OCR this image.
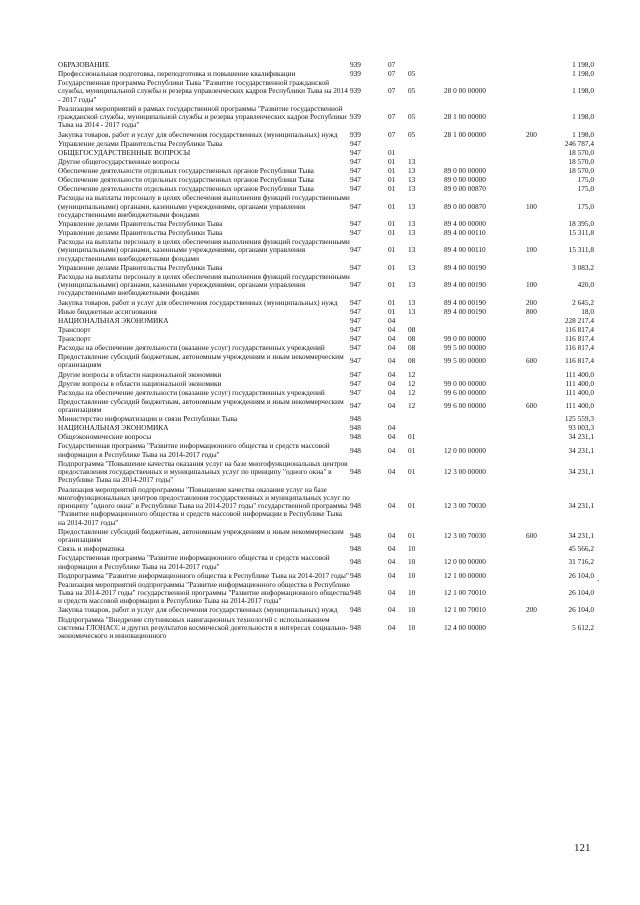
ОБРАЗОВАНИЕ	939	07				1 198,0
Профессиональная подготовка, переподготовка и повышение квалификации	939	07	05			1 198,0
Государственная программа Республики Тыва "Развитие государственной гражданской службы, муниципальной службы и резерва управленческих кадров Республики Тыва на 2014 - 2017 годы"	939	07	05	28 0 00 00000		1 198,0
Реализация мероприятий в рамках государственной программы "Развитие государственной гражданской службы, муниципальной службы и резерва управленческих кадров Республики Тыва на 2014 - 2017 годы"	939	07	05	28 1 00 00000		1 198,0
Закупка товаров, работ и услуг для обеспечения государственных (муниципальных) нужд	939	07	05	28 1 00 00000	200	1 198,0
Управление делами Правительства Республики Тыва	947					246 787,4
ОБЩЕГОСУДАРСТВЕННЫЕ ВОПРОСЫ	947	01				18 570,0
Другие общегосударственные вопросы	947	01	13			18 570,0
Обеспечение деятельности отдельных государственных органов Республики Тыва	947	01	13	89 0 00 00000		18 570,0
Обеспечение деятельности отдельных государственных органов Республики Тыва	947	01	13	89 0 00 00000		175,0
Обеспечение деятельности отдельных государственных органов Республики Тыва	947	01	13	89 0 00 00870		175,0
Расходы на выплаты персоналу в целях обеспечения выполнения функций государственными (муниципальными) органами, казенными учреждениями, органами управления государственными внебюджетными фондами	947	01	13	89 0 00 00870	100	175,0
Управление делами Правительства Республики Тыва	947	01	13	89 4 00 00000		18 395,0
Управление делами Правительства Республики Тыва	947	01	13	89 4 00 00110		15 311,8
Расходы на выплаты персоналу в целях обеспечения выполнения функций государственными (муниципальными) органами, казенными учреждениями, органами управления государственными внебюджетными фондами	947	01	13	89 4 00 00110	100	15 311,8
Управление делами Правительства Республики Тыва	947	01	13	89 4 00 00190		3 083,2
Расходы на выплаты персоналу в целях обеспечения выполнения функций государственными (муниципальными) органами, казенными учреждениями, органами управления государственными внебюджетными фондами	947	01	13	89 4 00 00190	100	420,0
Закупка товаров, работ и услуг для обеспечения государственных (муниципальных) нужд	947	01	13	89 4 00 00190	200	2 645,2
Иные бюджетные ассигнования	947	01	13	89 4 00 00190	800	18,0
НАЦИОНАЛЬНАЯ ЭКОНОМИКА	947	04				228 217,4
Транспорт	947	04	08			116 817,4
Транспорт	947	04	08	99 0 00 00000		116 817,4
Расходы на обеспечение деятельности (оказание услуг) государственных учреждений	947	04	08	99 5 00 00000		116 817,4
Предоставление субсидий бюджетным, автономным учреждениям и иным некоммерческим организациям	947	04	08	99 5 00 00000	600	116 817,4
Другие вопросы в области национальной экономики	947	04	12			111 400,0
Другие вопросы в области национальной экономики	947	04	12	99 0 00 00000		111 400,0
Расходы на обеспечение деятельности (оказание услуг) государственных учреждений	947	04	12	99 6 00 00000		111 400,0
Предоставление субсидий бюджетным, автономным учреждениям и иным некоммерческим организациям	947	04	12	99 6 00 00000	600	111 400,0
Министерство информатизации и связи Республики Тыва	948					125 559,3
НАЦИОНАЛЬНАЯ ЭКОНОМИКА	948	04				93 003,3
Общеэкономические вопросы	948	04	01			34 231,1
Государственная программа "Развитие информационного общества и средств массовой информации в Республике Тыва на 2014-2017 годы"	948	04	01	12 0 00 00000		34 231,1
Подпрограмма "Повышение качества оказания услуг на базе многофункциональных центров предоставления государственных и муниципальных услуг по принципу "одного окна" в Республике Тыва на 2014-2017 годы"	948	04	01	12 3 00 00000		34 231,1
Реализация мероприятий подпрограммы "Повышение качества оказания услуг на базе многофункциональных центров предоставления государственных и муниципальных услуг по принципу "одного окна" в Республике Тыва на 2014-2017 годы" государственной программы "Развитие информационного общества и средств массовой информации в Республике Тыва на 2014-2017 годы"	948	04	01	12 3 00 70030		34 231,1
Предоставление субсидий бюджетным, автономным учреждениям и иным некоммерческим организациям	948	04	01	12 3 00 70030	600	34 231,1
Связь и информатика	948	04	10			45 566,2
Государственная программа "Развитие информационного общества и средств массовой информации в Республике Тыва на 2014-2017 годы"	948	04	10	12 0 00 00000		31 716,2
Подпрограмма "Развитие информационного общества в Республике Тыва на 2014-2017 годы"	948	04	10	12 1 00 00000		26 104,0
Реализация мероприятий подпрограммы "Развитие информационного общества в Республике Тыва на 2014-2017 годы" государственной программы "Развитие информационного общества и средств массовой информации в Республике Тыва на 2014-2017 годы"	948	04	10	12 1 00 70010		26 104,0
Закупка товаров, работ и услуг для обеспечения государственных (муниципальных) нужд	948	04	10	12 1 00 70010	200	26 104,0
Подпрограмма "Внедрение спутниковых навигационных технологий с использованием системы ГЛОНАСС и других результатов космической деятельности в интересах социально-экономического и инновационного	948	04	10	12 4 00 00000		5 612,2
121
